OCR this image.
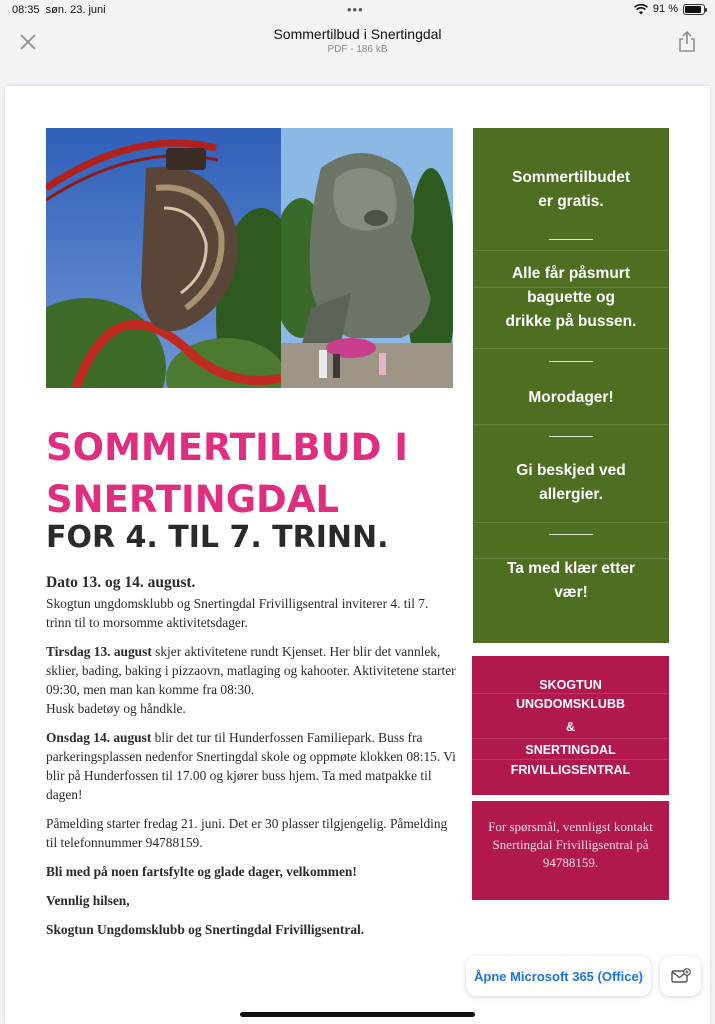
08:35 søn. 23. juni	•••	91 %
Sommertilbud i Snertingdal
PDF - 186 kB
SOMMERTILBUD I
SNERTINGDAL
FOR 4. TIL 7. TRINN.

Dato 13. og 14. august.

Skogtun ungdomsklubb og Snertingdal Frivilligsentral inviterer 4. til 7. trinn til to morsomme aktivitetsdager.

Tirsdag 13. august skjer aktivitetene rundt Kjenset. Her blir det vannlek, sklier, bading, baking i pizzaovn, matlaging og kahooter. Aktivitetene starter 09:30, men man kan komme fra 08:30.
Husk badetøy og håndkle.

Onsdag 14. august blir det tur til Hunderfossen Familiepark. Buss fra parkeringsplassen nedenfor Snertingdal skole og oppmøte klokken 08:15. Vi blir på Hunderfossen til 17.00 og kjører buss hjem. Ta med matpakke til dagen!

Påmelding starter fredag 21. juni. Det er 30 plasser tilgjengelig. Påmelding til telefonnummer 94788159.

Bli med på noen fartsfylte og glade dager, velkommen!

Vennlig hilsen,

Skogtun Ungdomsklubb og Snertingdal Frivilligsentral.

Sommertilbudet
er gratis.
Alle får påsmurt
baguette og
drikke på bussen.
Morodager!
Gi beskjed ved
allergier.
Ta med klær etter
vær!
SKOGTUN
UNGDOMSKLUBB
&
SNERTINGDAL
FRIVILLIGSENTRAL
For spørsmål, vennligst kontakt Snertingdal Frivilligsentral på 94788159.
Åpne Microsoft 365 (Office)
